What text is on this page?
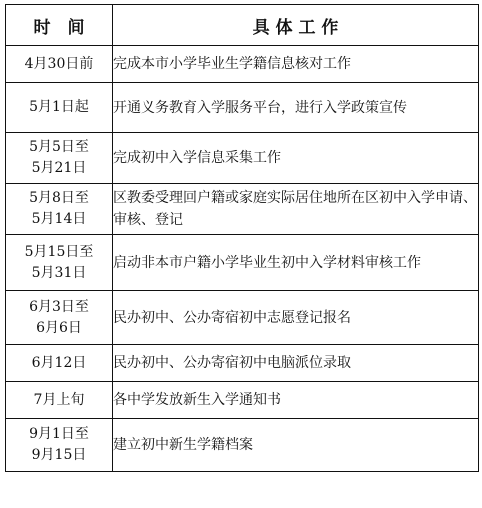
时　间	具 体 工 作

4月30日前	完成本市小学毕业生学籍信息核对工作

5月1日起	开通义务教育入学服务平台，进行入学政策宣传

5月5日至
5月21日	完成初中入学信息采集工作

5月8日至
5月14日	区教委受理回户籍或家庭实际居住地所在区初中入学申请、审核、登记

5月15日至
5月31日	启动非本市户籍小学毕业生初中入学材料审核工作

6月3日至
6月6日	民办初中、公办寄宿初中志愿登记报名

6月12日	民办初中、公办寄宿初中电脑派位录取

7月上旬	各中学发放新生入学通知书

9月1日至
9月15日	建立初中新生学籍档案
